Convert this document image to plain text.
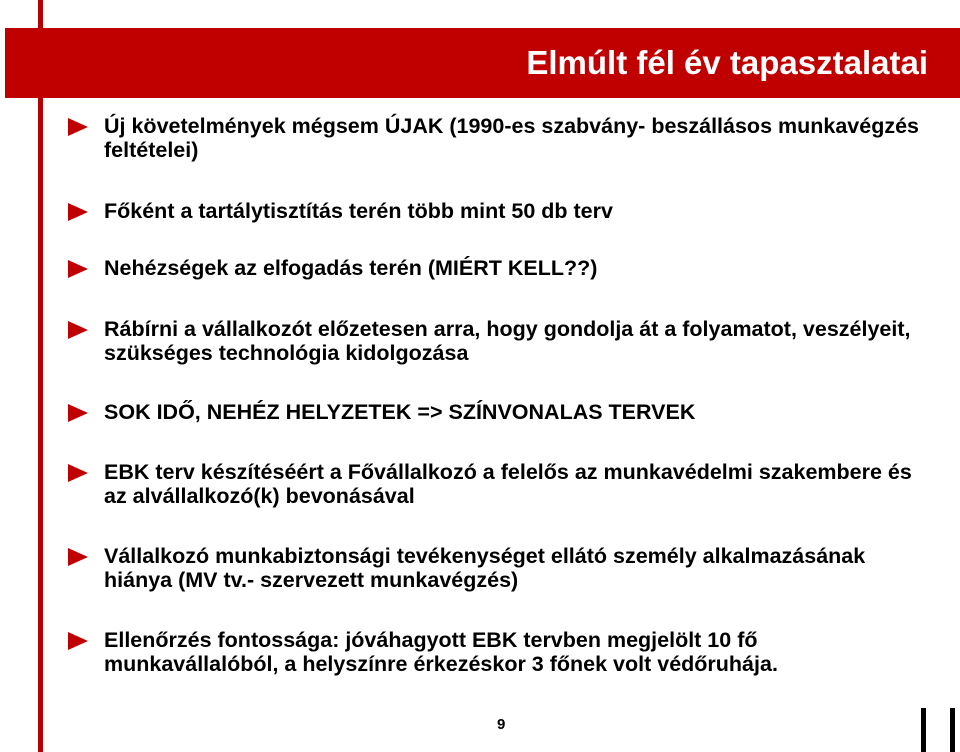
Elmúlt fél év tapasztalatai
Új követelmények mégsem ÚJAK (1990-es szabvány- beszállásos munkavégzés feltételei)
Főként a tartálytisztítás terén több mint 50 db terv
Nehézségek az elfogadás terén (MIÉRT KELL??)
Rábírni a vállalkozót előzetesen arra, hogy gondolja át a folyamatot, veszélyeit, szükséges technológia kidolgozása
SOK IDŐ, NEHÉZ HELYZETEK => SZÍNVONALAS TERVEK
EBK terv készítéséért a Fővállalkozó a felelős az munkavédelmi szakembere és az alvállalkozó(k) bevonásával
Vállalkozó munkabiztonsági tevékenységet ellátó személy alkalmazásának hiánya (MV tv.- szervezett munkavégzés)
Ellenőrzés fontossága: jóváhagyott EBK tervben megjelölt 10 fő munkavállalóból, a helyszínre érkezéskor 3 főnek volt védőruhája.
9
